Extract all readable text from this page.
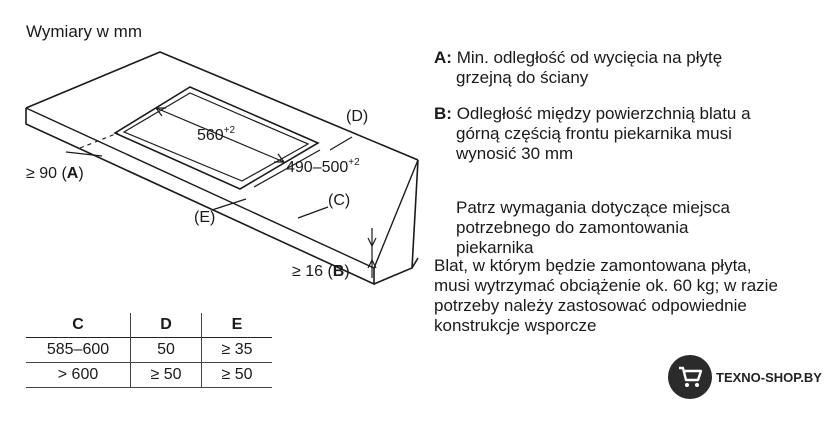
Wymiary w mm
$560^{+2}$
$490-500^{+2}$
(D)
(C)
(E)
≥ 90 (A)
≥ 16 (B)
A: Min. odległość od wycięcia na płytę
grzejną do ściany
B: Odległość między powierzchnią blatu a
górną częścią frontu piekarnika musi
wynosić 30 mm
Patrz wymagania dotyczące miejsca
potrzebnego do zamontowania
piekarnika
Blat, w którym będzie zamontowana płyta,
musi wytrzymać obciążenie ok. 60 kg; w razie
potrzeby należy zastosować odpowiednie
konstrukcje wsporcze
C	D	E
585–600	50	≥ 35
> 600	≥ 50	≥ 50	TEXNO-SHOP.BY
